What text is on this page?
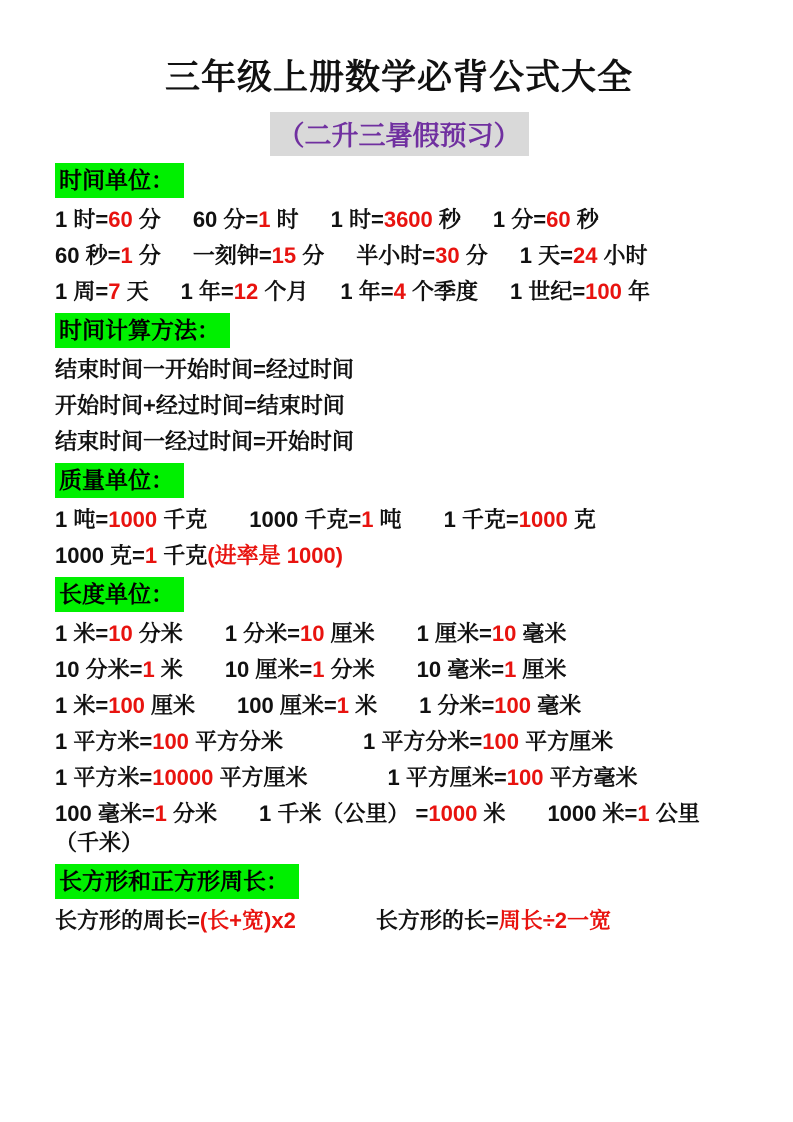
三年级上册数学必背公式大全
（二升三暑假预习）
时间单位：
1 时=60 分 60 分=1 时 1 时=3600 秒 1 分=60 秒
60 秒=1 分 一刻钟=15 分 半小时=30 分 1 天=24 小时
1 周=7 天 1 年=12 个月 1 年=4 个季度 1 世纪=100 年
时间计算方法：
结束时间一开始时间=经过时间
开始时间+经过时间=结束时间
结束时间一经过时间=开始时间
质量单位：
1 吨=1000 千克 1000 千克=1 吨 1 千克=1000 克
1000 克=1 千克(进率是 1000)
长度单位：
1 米=10 分米 1 分米=10 厘米 1 厘米=10 毫米
10 分米=1 米 10 厘米=1 分米 10 毫米=1 厘米
1 米=100 厘米 100 厘米=1 米 1 分米=100 毫米
1 平方米=100 平方分米	1 平方分米=100 平方厘米
1 平方米=10000 平方厘米	1 平方厘米=100 平方毫米
100 毫米=1 分米 1 千米（公里） =1000 米 1000 米=1 公里（千米）
长方形和正方形周长：
长方形的周长=(长+宽)x2	长方形的长=周长÷2一宽
